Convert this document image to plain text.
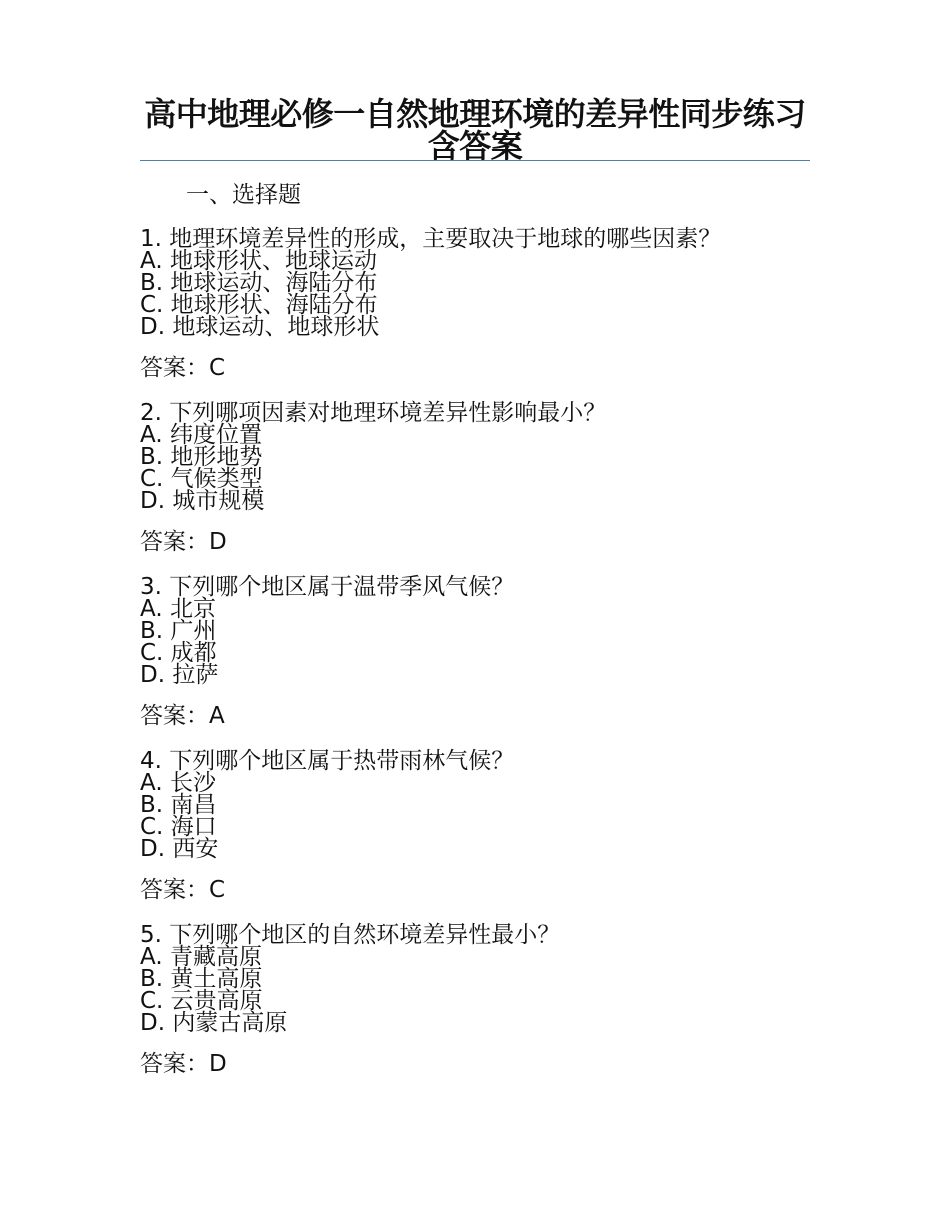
高中地理必修一自然地理环境的差异性同步练习含答案
一、选择题
1. 地理环境差异性的形成，主要取决于地球的哪些因素？
A. 地球形状、地球运动
B. 地球运动、海陆分布
C. 地球形状、海陆分布
D. 地球运动、地球形状
答案：C
2. 下列哪项因素对地理环境差异性影响最小？
A. 纬度位置
B. 地形地势
C. 气候类型
D. 城市规模
答案：D
3. 下列哪个地区属于温带季风气候？
A. 北京
B. 广州
C. 成都
D. 拉萨
答案：A
4. 下列哪个地区属于热带雨林气候？
A. 长沙
B. 南昌
C. 海口
D. 西安
答案：C
5. 下列哪个地区的自然环境差异性最小？
A. 青藏高原
B. 黄土高原
C. 云贵高原
D. 内蒙古高原
答案：D
